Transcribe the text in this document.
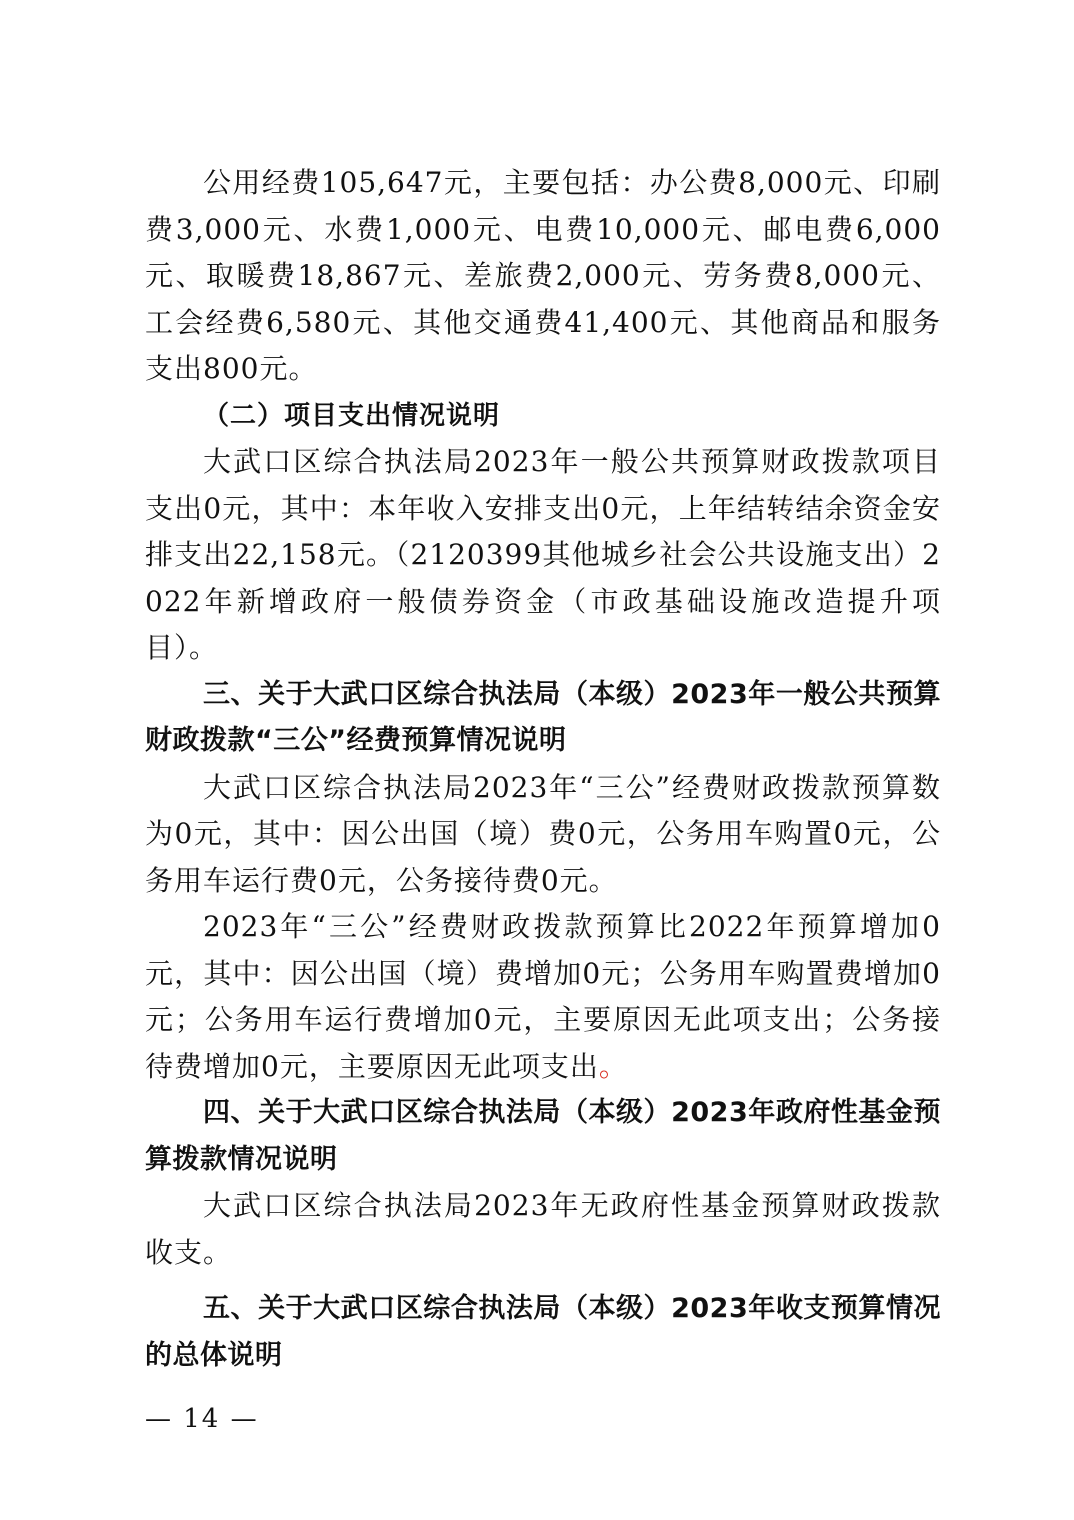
公用经费105,647元，主要包括：办公费8,000元、印刷费3,000元、水费1,000元、电费10,000元、邮电费6,000元、取暖费18,867元、差旅费2,000元、劳务费8,000元、工会经费6,580元、其他交通费41,400元、其他商品和服务支出800元。

（二）项目支出情况说明

大武口区综合执法局2023年一般公共预算财政拨款项目支出0元，其中：本年收入安排支出0元，上年结转结余资金安排支出22,158元。（2120399其他城乡社会公共设施支出）2022年新增政府一般债券资金（市政基础设施改造提升项目）。

三、关于大武口区综合执法局（本级）2023年一般公共预算财政拨款“三公”经费预算情况说明

大武口区综合执法局2023年“三公”经费财政拨款预算数为0元，其中：因公出国（境）费0元，公务用车购置0元，公务用车运行费0元，公务接待费0元。

2023年“三公”经费财政拨款预算比2022年预算增加0元，其中：因公出国（境）费增加0元；公务用车购置费增加0元；公务用车运行费增加0元，主要原因无此项支出；公务接待费增加0元，主要原因无此项支出。

四、关于大武口区综合执法局（本级）2023年政府性基金预算拨款情况说明

大武口区综合执法局2023年无政府性基金预算财政拨款收支。

五、关于大武口区综合执法局（本级）2023年收支预算情况的总体说明

— 14 —
